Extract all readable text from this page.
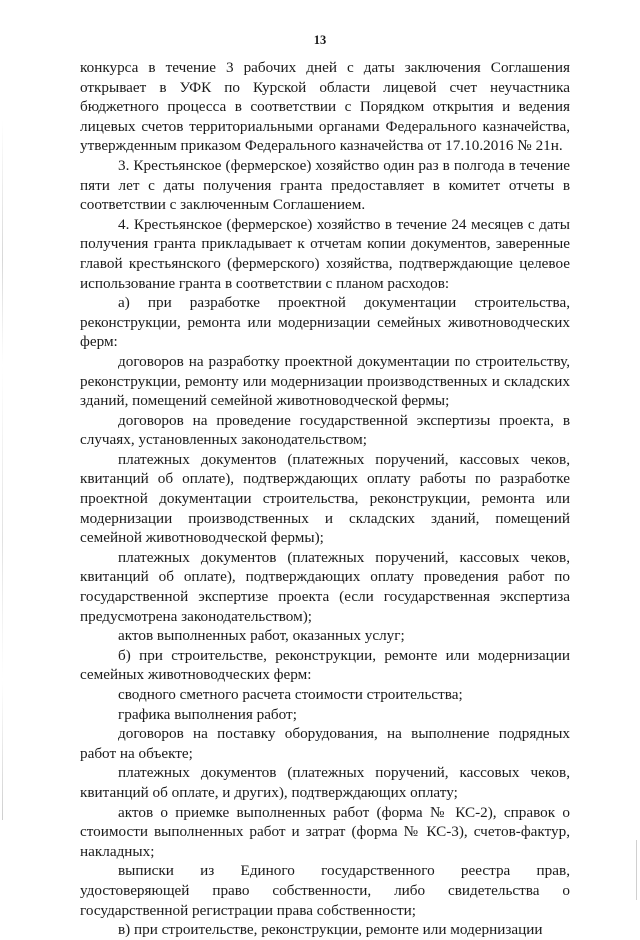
13

конкурса в течение 3 рабочих дней с даты заключения Соглашения открывает в УФК по Курской области лицевой счет неучастника бюджетного процесса в соответствии с Порядком открытия и ведения лицевых счетов территориальными органами Федерального казначейства, утвержденным приказом Федерального казначейства от 17.10.2016 № 21н.

3. Крестьянское (фермерское) хозяйство один раз в полгода в течение пяти лет с даты получения гранта предоставляет в комитет отчеты в соответствии с заключенным Соглашением.

4. Крестьянское (фермерское) хозяйство в течение 24 месяцев с даты получения гранта прикладывает к отчетам копии документов, заверенные главой крестьянского (фермерского) хозяйства, подтверждающие целевое использование гранта в соответствии с планом расходов:

а) при разработке проектной документации строительства, реконструкции, ремонта или модернизации семейных животноводческих ферм:

договоров на разработку проектной документации по строительству, реконструкции, ремонту или модернизации производственных и складских зданий, помещений семейной животноводческой фермы;

договоров на проведение государственной экспертизы проекта, в случаях, установленных законодательством;

платежных документов (платежных поручений, кассовых чеков, квитанций об оплате), подтверждающих оплату работы по разработке проектной документации строительства, реконструкции, ремонта или модернизации производственных и складских зданий, помещений семейной животноводческой фермы);

платежных документов (платежных поручений, кассовых чеков, квитанций об оплате), подтверждающих оплату проведения работ по государственной экспертизе проекта (если государственная экспертиза предусмотрена законодательством);

актов выполненных работ, оказанных услуг;

б) при строительстве, реконструкции, ремонте или модернизации семейных животноводческих ферм:

сводного сметного расчета стоимости строительства;

графика выполнения работ;

договоров на поставку оборудования, на выполнение подрядных работ на объекте;

платежных документов (платежных поручений, кассовых чеков, квитанций об оплате, и других), подтверждающих оплату;

актов о приемке выполненных работ (форма № КС-2), справок о стоимости выполненных работ и затрат (форма № КС-3), счетов-фактур, накладных;

выписки из Единого государственного реестра прав, удостоверяющей право собственности, либо свидетельства о государственной регистрации права собственности;

в) при строительстве, реконструкции, ремонте или модернизации
